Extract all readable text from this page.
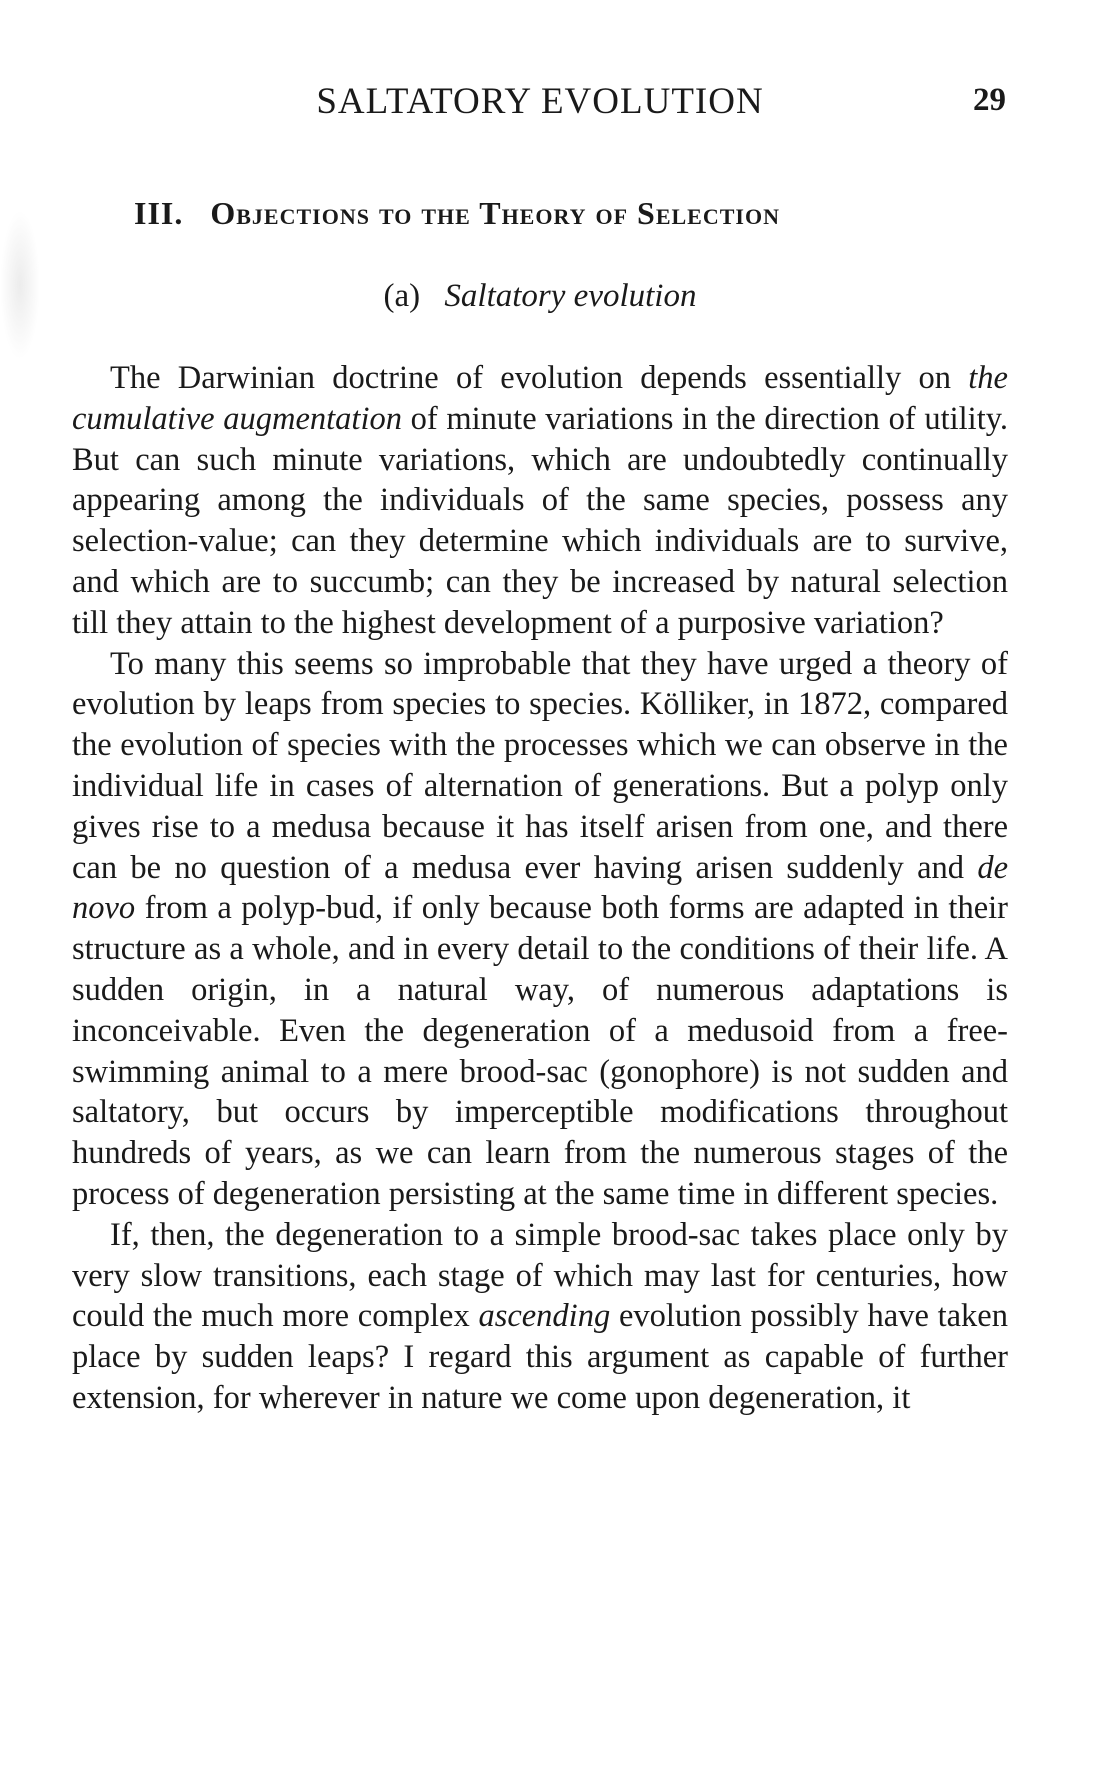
SALTATORY EVOLUTION	29
III. Objections to the Theory of Selection
(a) Saltatory evolution

The Darwinian doctrine of evolution depends essentially on the cumulative augmentation of minute variations in the direction of utility. But can such minute variations, which are undoubtedly continually appearing among the individuals of the same species, possess any selection-value; can they determine which individuals are to survive, and which are to succumb; can they be increased by natural selection till they attain to the highest development of a purposive variation?

To many this seems so improbable that they have urged a theory of evolution by leaps from species to species. Kölliker, in 1872, compared the evolution of species with the processes which we can observe in the individual life in cases of alternation of generations. But a polyp only gives rise to a medusa because it has itself arisen from one, and there can be no question of a medusa ever having arisen suddenly and de novo from a polyp-bud, if only because both forms are adapted in their structure as a whole, and in every detail to the conditions of their life. A sudden origin, in a natural way, of numerous adaptations is inconceivable. Even the degeneration of a medusoid from a free-swimming animal to a mere brood-sac (gonophore) is not sudden and saltatory, but occurs by imperceptible modifications throughout hundreds of years, as we can learn from the numerous stages of the process of degeneration persisting at the same time in different species.

If, then, the degeneration to a simple brood-sac takes place only by very slow transitions, each stage of which may last for centuries, how could the much more complex ascending evolution possibly have taken place by sudden leaps? I regard this argument as capable of further extension, for wherever in nature we come upon degeneration, it
